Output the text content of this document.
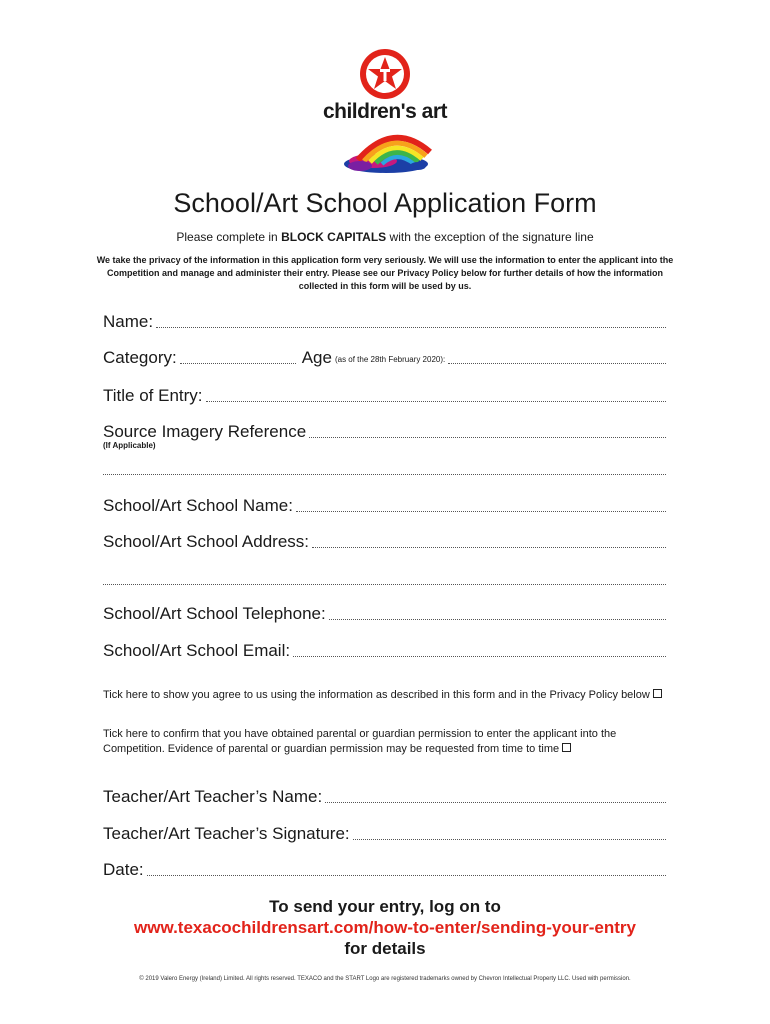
children's art
School/Art School Application Form
Please complete in BLOCK CAPITALS with the exception of the signature line
We take the privacy of the information in this application form very seriously. We will use the information to enter the applicant into the Competition and manage and administer their entry. Please see our Privacy Policy below for further details of how the information collected in this form will be used by us.
Name:
Category:	Age (as of the 28th February 2020):
Title of Entry:
Source Imagery Reference
(If Applicable)
School/Art School Name:
School/Art School Address:
School/Art School Telephone:
School/Art School Email:
Tick here to show you agree to us using the information as described in this form and in the Privacy Policy below
Tick here to confirm that you have obtained parental or guardian permission to enter the applicant into the Competition. Evidence of parental or guardian permission may be requested from time to time
Teacher/Art Teacher’s Name:
Teacher/Art Teacher’s Signature:
Date:
To send your entry, log on to
www.texacochildrensart.com/how-to-enter/sending-your-entry
for details
© 2019 Valero Energy (Ireland) Limited. All rights reserved. TEXACO and the START Logo are registered trademarks owned by Chevron Intellectual Property LLC. Used with permission.
